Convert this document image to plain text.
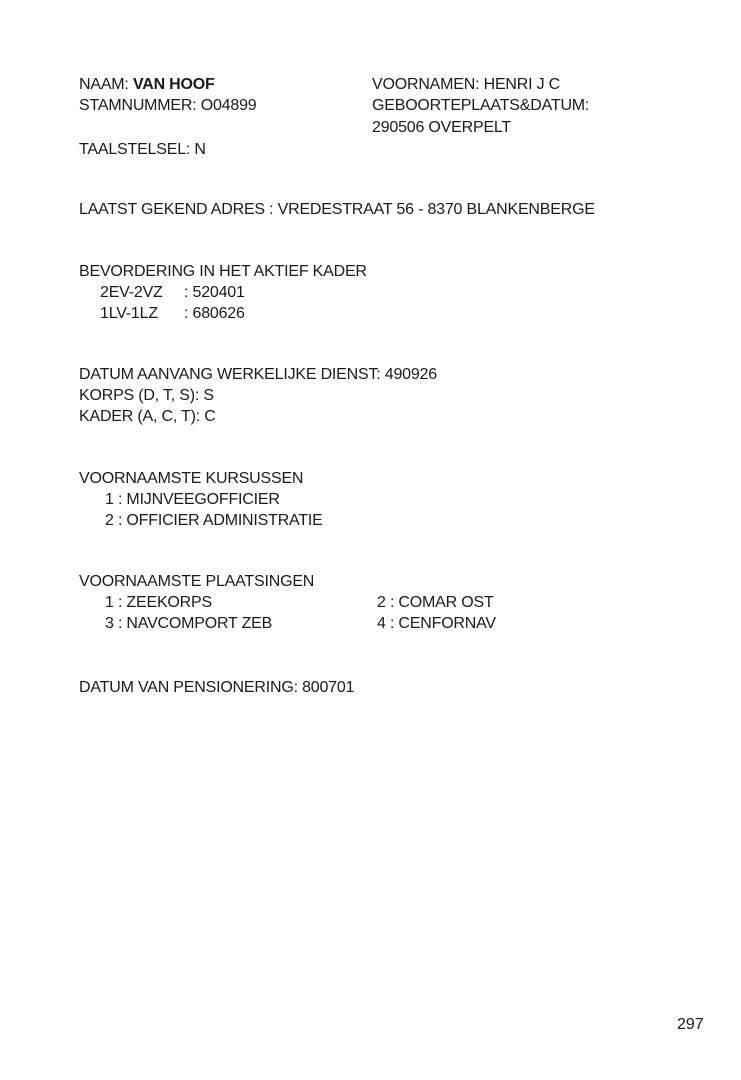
NAAM: VAN HOOF
STAMNUMMER: O04899
TAALSTELSEL: N
VOORNAMEN: HENRI J C
GEBOORTEPLAATS&DATUM:
290506 OVERPELT
LAATST GEKEND ADRES : VREDESTRAAT 56 - 8370 BLANKENBERGE
BEVORDERING IN HET AKTIEF KADER
2EV-2VZ : 520401
1LV-1LZ : 680626
DATUM AANVANG WERKELIJKE DIENST: 490926
KORPS (D, T, S): S
KADER (A, C, T): C
VOORNAAMSTE KURSUSSEN
1 : MIJNVEEGOFFICIER
2 : OFFICIER ADMINISTRATIE
VOORNAAMSTE PLAATSINGEN
1 : ZEEKORPS	2 : COMAR OST
3 : NAVCOMPORT ZEB	4 : CENFORNAV
DATUM VAN PENSIONERING: 800701
297
